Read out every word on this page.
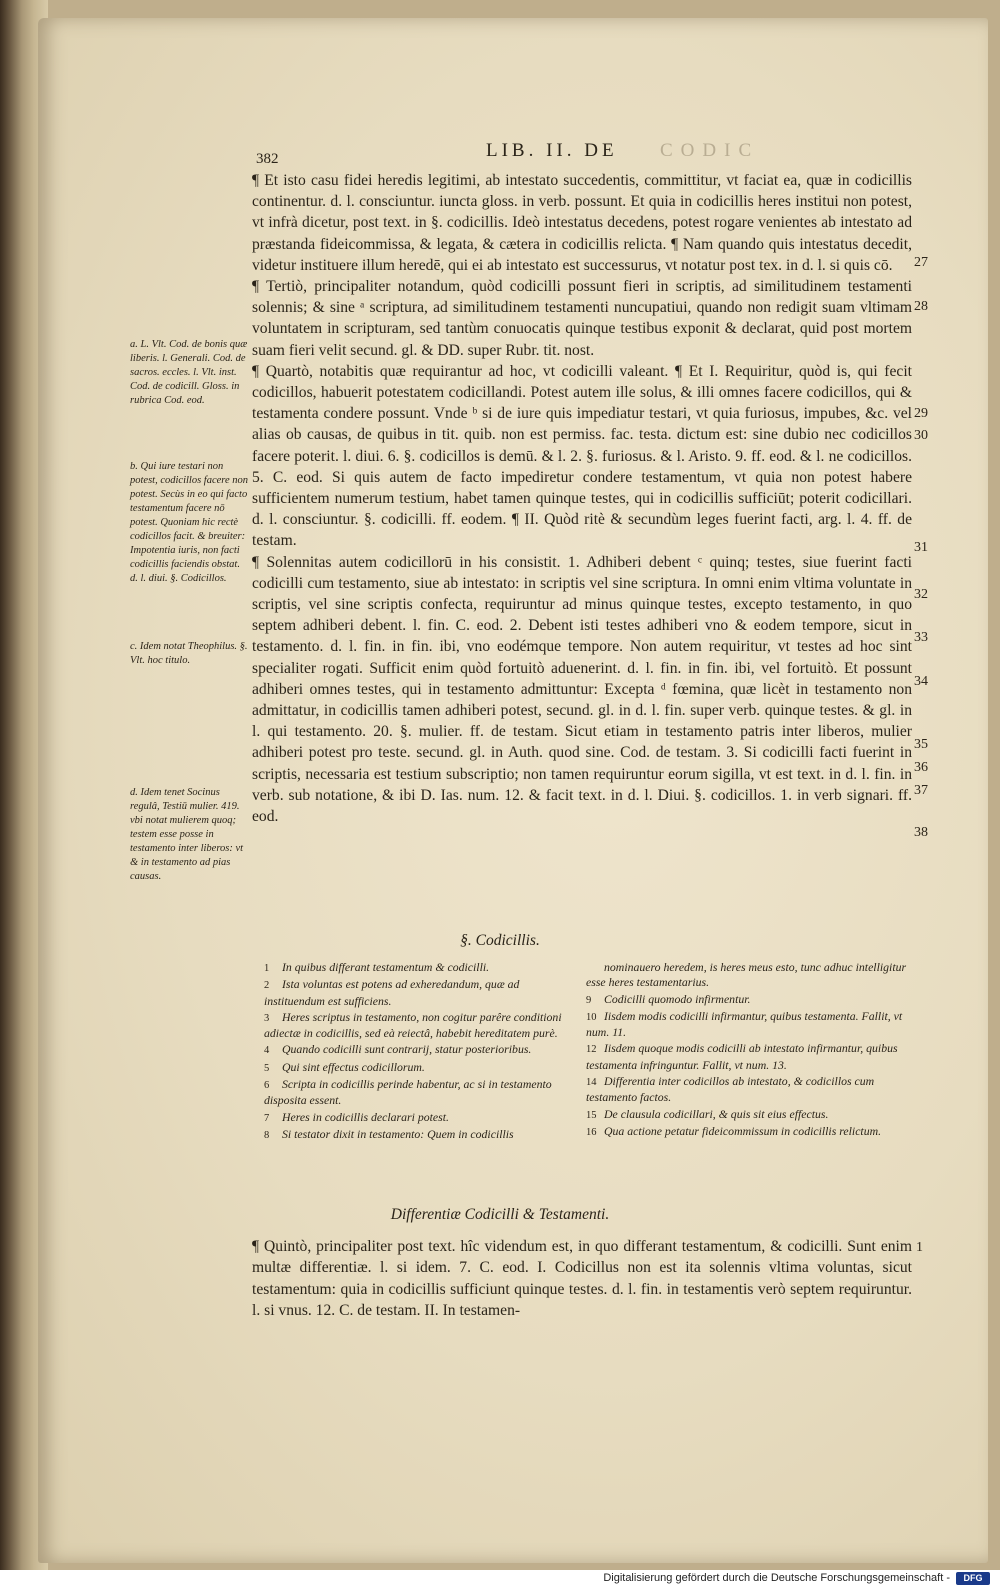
382	LIB. II. DE CODIC

¶ Et isto casu fidei heredis legitimi, ab intestato succedentis, committitur, vt faciat ea, quæ in codicillis continentur. d. l. consciuntur. iuncta gloss. in verb. possunt. Et quia in codicillis heres institui non potest, vt infrà dicetur, post text. in §. codicillis. Ideò intestatus decedens, potest rogare venientes ab intestato ad præstanda fideicommissa, & legata, & cætera in codicillis relicta. ¶ Nam quando quis intestatus decedit, videtur instituere illum heredē, qui ei ab intestato est successurus, vt notatur post tex. in d. l. si quis cō.

¶ Tertiò, principaliter notandum, quòd codicilli possunt fieri in scriptis, ad similitudinem testamenti solennis; & sine ᵃ scriptura, ad similitudinem testamenti nuncupatiui, quando non redigit suam vltimam voluntatem in scripturam, sed tantùm conuocatis quinque testibus exponit & declarat, quid post mortem suam fieri velit secund. gl. & DD. super Rubr. tit. nost.

¶ Quartò, notabitis quæ requirantur ad hoc, vt codicilli valeant. ¶ Et I. Requiritur, quòd is, qui fecit codicillos, habuerit potestatem codicillandi. Potest autem ille solus, & illi omnes facere codicillos, qui & testamenta condere possunt. Vnde ᵇ si de iure quis impediatur testari, vt quia furiosus, impubes, &c. vel alias ob causas, de quibus in tit. quib. non est permiss. fac. testa. dictum est: sine dubio nec codicillos facere poterit. l. diui. 6. §. codicillos is demū. & l. 2. §. furiosus. & l. Aristo. 9. ff. eod. & l. ne codicillos. 5. C. eod. Si quis autem de facto impediretur condere testamentum, vt quia non potest habere sufficientem numerum testium, habet tamen quinque testes, qui in codicillis sufficiūt; poterit codicillari. d. l. consciuntur. §. codicilli. ff. eodem. ¶ II. Quòd ritè & secundùm leges fuerint facti, arg. l. 4. ff. de testam.

¶ Solennitas autem codicillorū in his consistit. 1. Adhiberi debent ᶜ quinq; testes, siue fuerint facti codicilli cum testamento, siue ab intestato: in scriptis vel sine scriptura. In omni enim vltima voluntate in scriptis, vel sine scriptis confecta, requiruntur ad minus quinque testes, excepto testamento, in quo septem adhiberi debent. l. fin. C. eod. 2. Debent isti testes adhiberi vno & eodem tempore, sicut in testamento. d. l. fin. in fin. ibi, vno eodémque tempore. Non autem requiritur, vt testes ad hoc sint specialiter rogati. Sufficit enim quòd fortuitò aduenerint. d. l. fin. in fin. ibi, vel fortuitò. Et possunt adhiberi omnes testes, qui in testamento admittuntur: Excepta ᵈ fœmina, quæ licèt in testamento non admittatur, in codicillis tamen adhiberi potest, secund. gl. in d. l. fin. super verb. quinque testes. & gl. in l. qui testamento. 20. §. mulier. ff. de testam. Sicut etiam in testamento patris inter liberos, mulier adhiberi potest pro teste. secund. gl. in Auth. quod sine. Cod. de testam. 3. Si codicilli facti fuerint in scriptis, necessaria est testium subscriptio; non tamen requiruntur eorum sigilla, vt est text. in d. l. fin. in verb. sub notatione, & ibi D. Ias. num. 12. & facit text. in d. l. Diui. §. codicillos. 1. in verb signari. ff. eod.

27
28
29
30
31
32
33
34
35
36
37
38
a. L. Vlt. Cod. de bonis quæ liberis. l. Generali. Cod. de sacros. eccles. l. Vlt. inst. Cod. de codicill. Gloss. in rubrica Cod. eod.
b. Qui iure testari non potest, codicillos facere non potest. Secùs in eo qui facto testamentum facere nō potest. Quoniam hic rectè codicillos facit. & breuiter: Impotentia iuris, non facti codicillis faciendis obstat. d. l. diui. §. Codicillos.
c. Idem notat Theophilus. §. Vlt. hoc titulo.
d. Idem tenet Socinus regulâ, Testiū mulier. 419. vbi notat mulierem quoq; testem esse posse in testamento inter liberos: vt & in testamento ad pias causas.
§. Codicillis.
1 In quibus differant testamentum & codicilli.
2 Ista voluntas est potens ad exheredandum, quæ ad instituendum est sufficiens.
3 Heres scriptus in testamento, non cogitur parêre conditioni adiectæ in codicillis, sed eà reiectâ, habebit hereditatem purè.
4 Quando codicilli sunt contrarij, statur posterioribus.
5 Qui sint effectus codicillorum.
6 Scripta in codicillis perinde habentur, ac si in testamento disposita essent.
7 Heres in codicillis declarari potest.
8 Si testator dixit in testamento: Quem in codicillis
nominauero heredem, is heres meus esto, tunc adhuc intelligitur esse heres testamentarius.
9 Codicilli quomodo infirmentur.
10 Iisdem modis codicilli infirmantur, quibus testamenta. Fallit, vt num. 11.
12 Iisdem quoque modis codicilli ab intestato infirmantur, quibus testamenta infringuntur. Fallit, vt num. 13.
14 Differentia inter codicillos ab intestato, & codicillos cum testamento factos.
15 De clausula codicillari, & quis sit eius effectus.
16 Qua actione petatur fideicommissum in codicillis relictum.
Differentiæ Codicilli & Testamenti.
¶ Quintò, principaliter post text. hîc videndum est, in quo differant testamentum, & codicilli. Sunt enim multæ differentiæ. l. si idem. 7. C. eod. I. Codicillus non est ita solennis vltima voluntas, sicut testamentum: quia in codicillis sufficiunt quinque testes. d. l. fin. in testamentis verò septem requiruntur. l. si vnus. 12. C. de testam. II. In testamen-
1
Digitalisierung gefördert durch die Deutsche Forschungsgemeinschaft -	DFG
